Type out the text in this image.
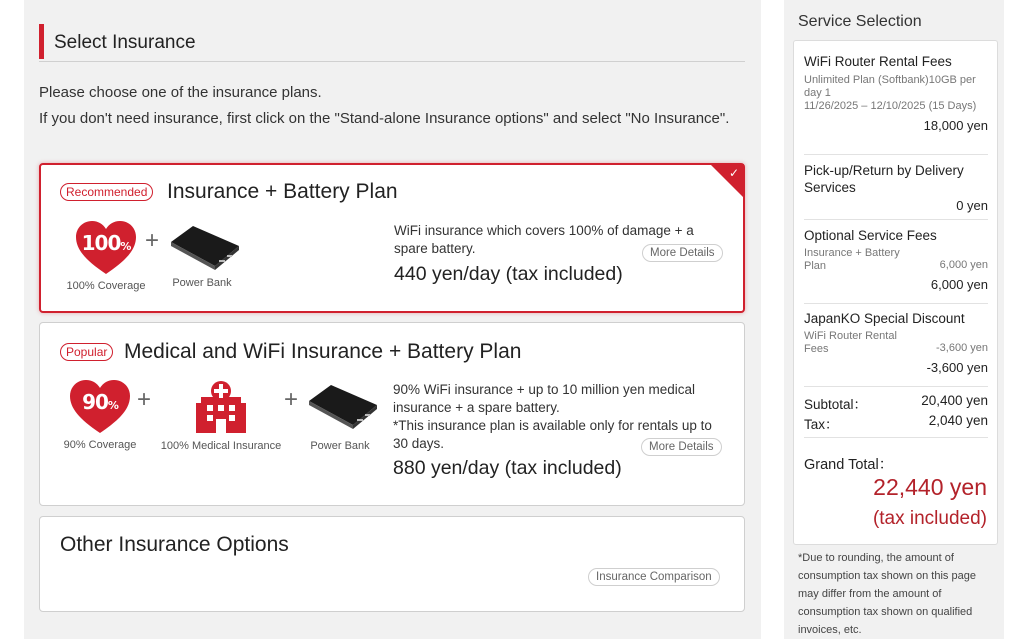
Select Insurance
Please choose one of the insurance plans.
If you don't need insurance, first click on the "Stand-alone Insurance options" and select "No Insurance".
✓
Recommended Insurance + Battery Plan
100%
100% Coverage
+
Power Bank
WiFi insurance which covers 100% of damage + a spare battery.	More Details
440 yen/day (tax included)
Popular Medical and WiFi Insurance + Battery Plan
90%
90% Coverage
+
100% Medical Insurance
+
Power Bank
90% WiFi insurance + up to 10 million yen medical insurance + a spare battery.
*This insurance plan is available only for rentals up to 30 days.	More Details
880 yen/day (tax included)
Other Insurance Options
Insurance Comparison
Service Selection
WiFi Router Rental Fees
Unlimited Plan (Softbank)10GB per day 1
11/26/2025 – 12/10/2025 (15 Days)
18,000 yen
Pick-up/Return by Delivery Services
0 yen
Optional Service Fees
Insurance + Battery Plan	6,000 yen
6,000 yen
JapanKO Special Discount
WiFi Router Rental Fees	-3,600 yen
-3,600 yen
Subtotal：	20,400 yen
Tax：	2,040 yen
Grand Total：
22,440 yen
(tax included)
*Due to rounding, the amount of consumption tax shown on this page may differ from the amount of consumption tax shown on qualified invoices, etc.
